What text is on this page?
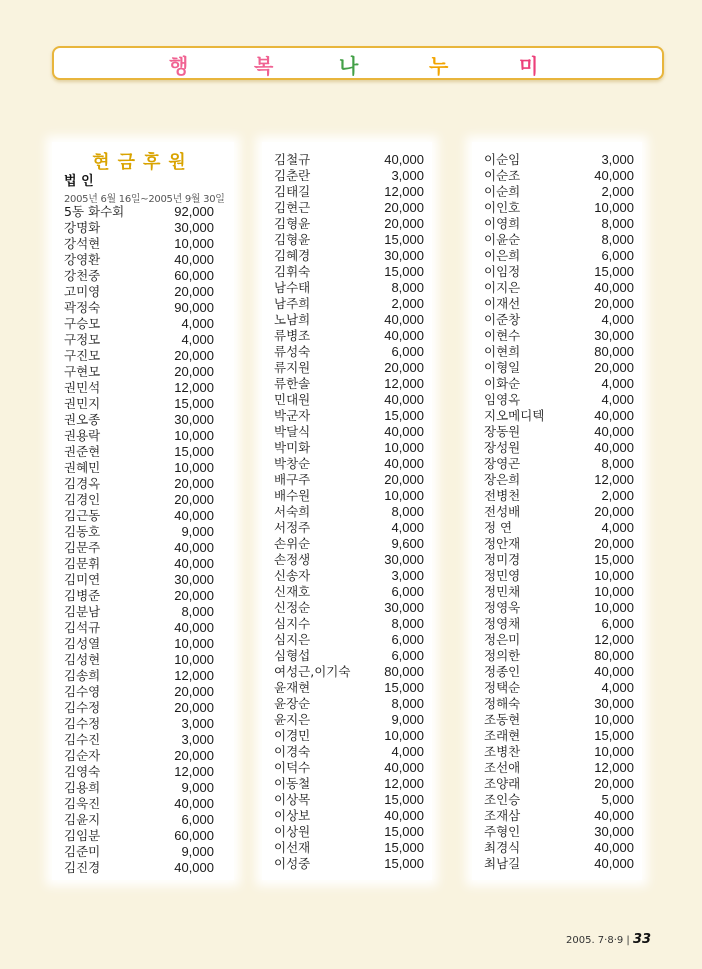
행	복	나	누	미
현금후원
법 인
2005년 6월 16일~2005년 9월 30일
5동 화수회	92,000
강명화	30,000
강석현	10,000
강영환	40,000
강천중	60,000
고미영	20,000
곽정숙	90,000
구승모	4,000
구정모	4,000
구진모	20,000
구현모	20,000
권민석	12,000
권민지	15,000
권오종	30,000
권용락	10,000
권준현	15,000
권혜민	10,000
김경옥	20,000
김경인	20,000
김근동	40,000
김동호	9,000
김문주	40,000
김문휘	40,000
김미연	30,000
김병준	20,000
김분남	8,000
김석규	40,000
김성열	10,000
김성현	10,000
김송희	12,000
김수영	20,000
김수정	20,000
김수정	3,000
김수진	3,000
김순자	20,000
김영숙	12,000
김용희	9,000
김욱진	40,000
김윤지	6,000
김임분	60,000
김준미	9,000
김진경	40,000
김철규	40,000
김춘란	3,000
김태길	12,000
김현근	20,000
김형윤	20,000
김형윤	15,000
김혜경	30,000
김휘숙	15,000
남수태	8,000
남주희	2,000
노남희	40,000
류병조	40,000
류성숙	6,000
류지원	20,000
류한솔	12,000
민대원	40,000
박군자	15,000
박달식	40,000
박미화	10,000
박창순	40,000
배구주	20,000
배수원	10,000
서숙희	8,000
서정주	4,000
손위순	9,600
손정생	30,000
신송자	3,000
신재호	6,000
신정순	30,000
심지수	8,000
심지은	6,000
심형섭	6,000
여성근,이기숙	80,000
윤재현	15,000
윤장순	8,000
윤지은	9,000
이경민	10,000
이경숙	4,000
이덕수	40,000
이동철	12,000
이상목	15,000
이상보	40,000
이상원	15,000
이선재	15,000
이성중	15,000
이순임	3,000
이순조	40,000
이순희	2,000
이인호	10,000
이영희	8,000
이윤순	8,000
이은희	6,000
이임정	15,000
이지은	40,000
이재선	20,000
이준창	4,000
이현수	30,000
이현희	80,000
이형일	20,000
이화순	4,000
임영옥	4,000
지오메디텍	40,000
장동원	40,000
장성원	40,000
장영곤	8,000
장은희	12,000
전병천	2,000
전성배	20,000
정 연	4,000
정안재	20,000
정미경	15,000
정민영	10,000
정민채	10,000
정영욱	10,000
정영채	6,000
정은미	12,000
정의한	80,000
정종인	40,000
정택순	4,000
정해숙	30,000
조동현	10,000
조래현	15,000
조병찬	10,000
조선애	12,000
조양래	20,000
조인승	5,000
조재삼	40,000
주형인	30,000
최경식	40,000
최남길	40,000
2005. 7·8·9 | 33
